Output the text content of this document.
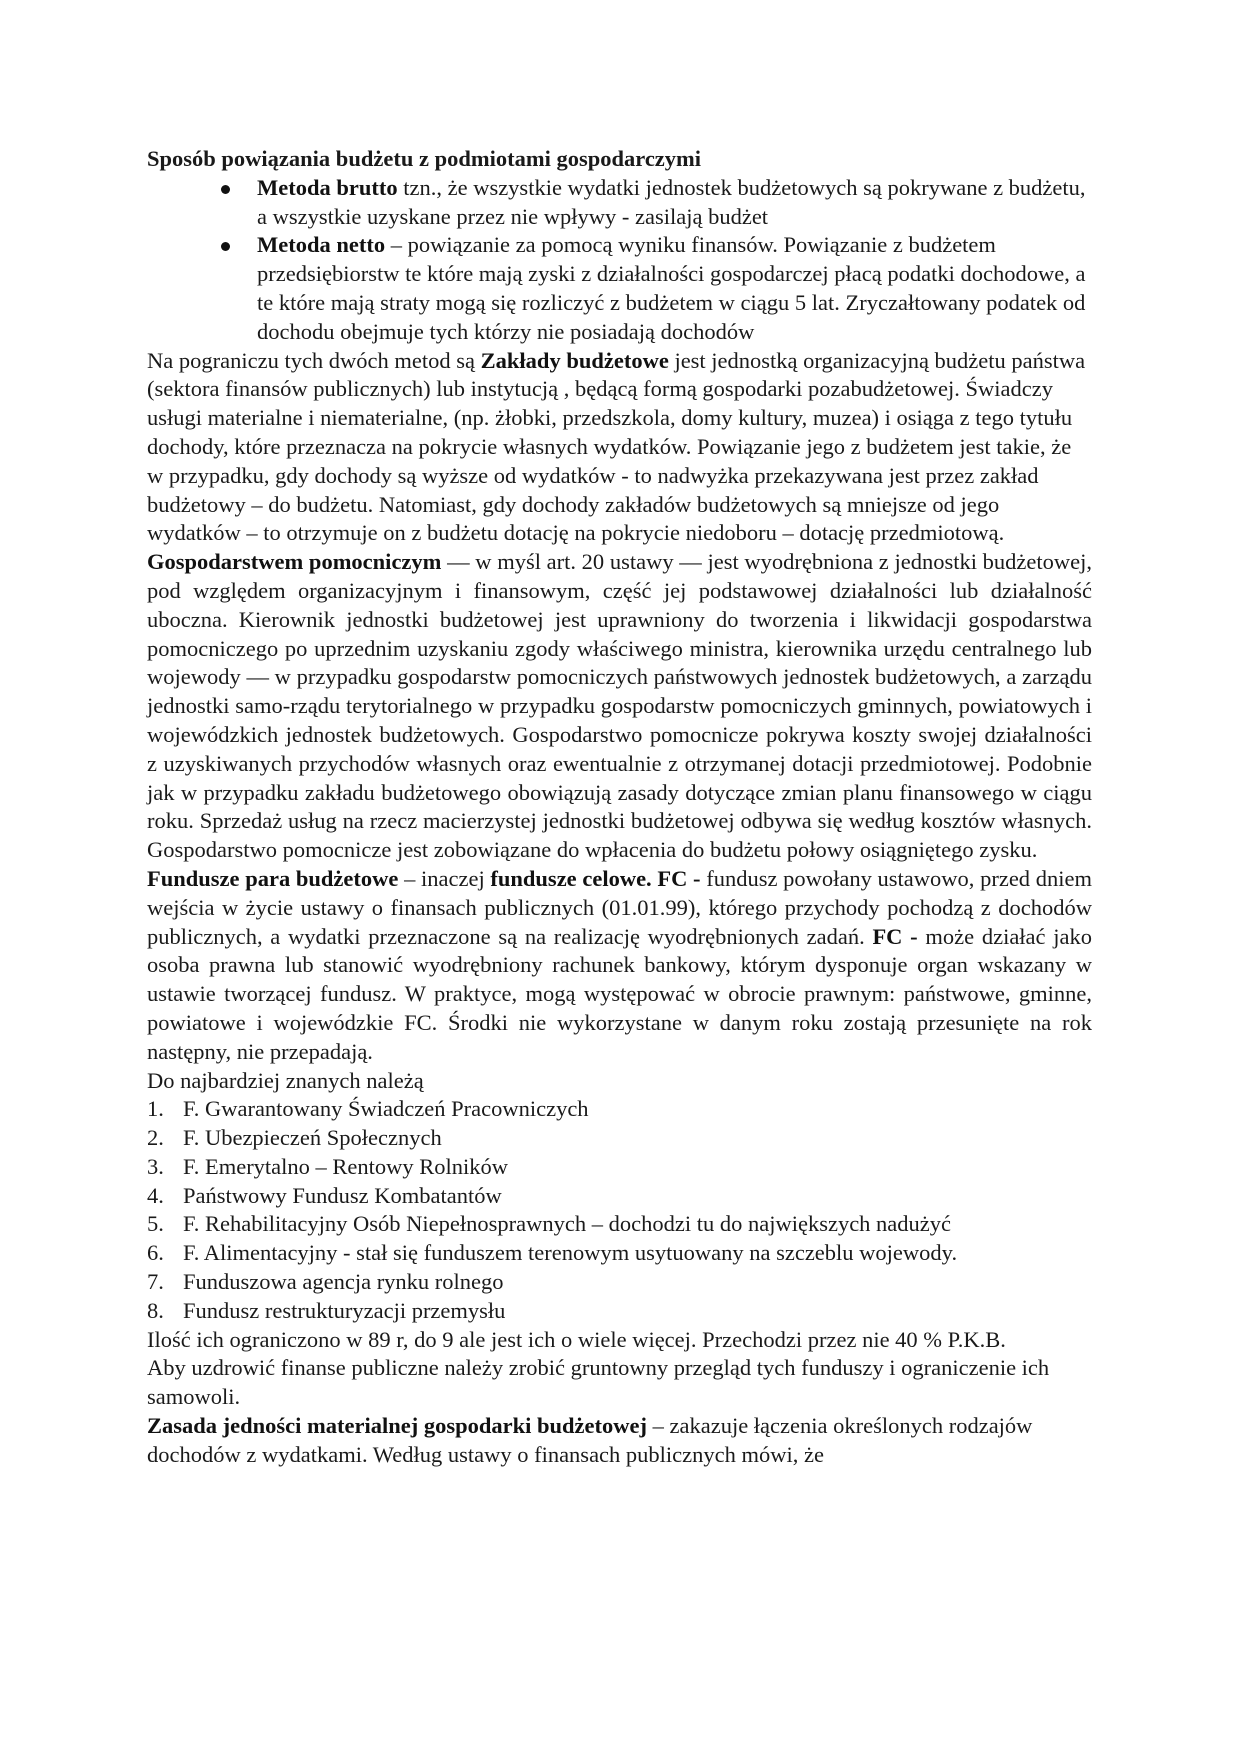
Sposób powiązania budżetu z podmiotami gospodarczymi

Metoda brutto tzn., że wszystkie wydatki jednostek budżetowych są pokrywane z budżetu, a wszystkie uzyskane przez nie wpływy - zasilają budżet
Metoda netto – powiązanie za pomocą wyniku finansów. Powiązanie z budżetem przedsiębiorstw te które mają zyski z działalności gospodarczej płacą podatki dochodowe, a te które mają straty mogą się rozliczyć z budżetem w ciągu 5 lat. Zryczałtowany podatek od dochodu obejmuje tych którzy nie posiadają dochodów

Na pograniczu tych dwóch metod są Zakłady budżetowe jest jednostką organizacyjną budżetu państwa (sektora finansów publicznych) lub instytucją , będącą formą gospodarki pozabudżetowej. Świadczy usługi materialne i niematerialne, (np. żłobki, przedszkola, domy kultury, muzea) i osiąga z tego tytułu dochody, które przeznacza na pokrycie własnych wydatków. Powiązanie jego z budżetem jest takie, że w przypadku, gdy dochody są wyższe od wydatków - to nadwyżka przekazywana jest przez zakład budżetowy – do budżetu. Natomiast, gdy dochody zakładów budżetowych są mniejsze od jego wydatków – to otrzymuje on z budżetu dotację na pokrycie niedoboru – dotację przedmiotową.

Gospodarstwem pomocniczym — w myśl art. 20 ustawy — jest wyodrębniona z jednostki budżetowej, pod względem organizacyjnym i finansowym, część jej podstawowej działalności lub działalność uboczna. Kierownik jednostki budżetowej jest uprawniony do tworzenia i likwidacji gospodarstwa pomocniczego po uprzednim uzyskaniu zgody właściwego ministra, kierownika urzędu centralnego lub wojewody — w przypadku gospodarstw pomocniczych państwowych jednostek budżetowych, a zarządu jednostki samo-rządu terytorialnego w przypadku gospodarstw pomocniczych gminnych, powiatowych i wojewódzkich jednostek budżetowych. Gospodarstwo pomocnicze pokrywa koszty swojej działalności z uzyskiwanych przychodów własnych oraz ewentualnie z otrzymanej dotacji przedmiotowej. Podobnie jak w przypadku zakładu budżetowego obowiązują zasady dotyczące zmian planu finansowego w ciągu roku. Sprzedaż usług na rzecz macierzystej jednostki budżetowej odbywa się według kosztów własnych. Gospodarstwo pomocnicze jest zobowiązane do wpłacenia do budżetu połowy osiągniętego zysku.

Fundusze para budżetowe – inaczej fundusze celowe. FC - fundusz powołany ustawowo, przed dniem wejścia w życie ustawy o finansach publicznych (01.01.99), którego przychody pochodzą z dochodów publicznych, a wydatki przeznaczone są na realizację wyodrębnionych zadań. FC - może działać jako osoba prawna lub stanowić wyodrębniony rachunek bankowy, którym dysponuje organ wskazany w ustawie tworzącej fundusz. W praktyce, mogą występować w obrocie prawnym: państwowe, gminne, powiatowe i wojewódzkie FC. Środki nie wykorzystane w danym roku zostają przesunięte na rok następny, nie przepadają.

Do najbardziej znanych należą

1. F. Gwarantowany Świadczeń Pracowniczych
2. F. Ubezpieczeń Społecznych
3. F. Emerytalno – Rentowy Rolników
4. Państwowy Fundusz Kombatantów
5. F. Rehabilitacyjny Osób Niepełnosprawnych – dochodzi tu do największych nadużyć
6. F. Alimentacyjny - stał się funduszem terenowym usytuowany na szczeblu wojewody.
7. Funduszowa agencja rynku rolnego
8. Fundusz restrukturyzacji przemysłu

Ilość ich ograniczono w 89 r, do 9 ale jest ich o wiele więcej. Przechodzi przez nie 40 % P.K.B.

Aby uzdrowić finanse publiczne należy zrobić gruntowny przegląd tych funduszy i ograniczenie ich samowoli.

Zasada jedności materialnej gospodarki budżetowej – zakazuje łączenia określonych rodzajów dochodów z wydatkami. Według ustawy o finansach publicznych mówi, że
